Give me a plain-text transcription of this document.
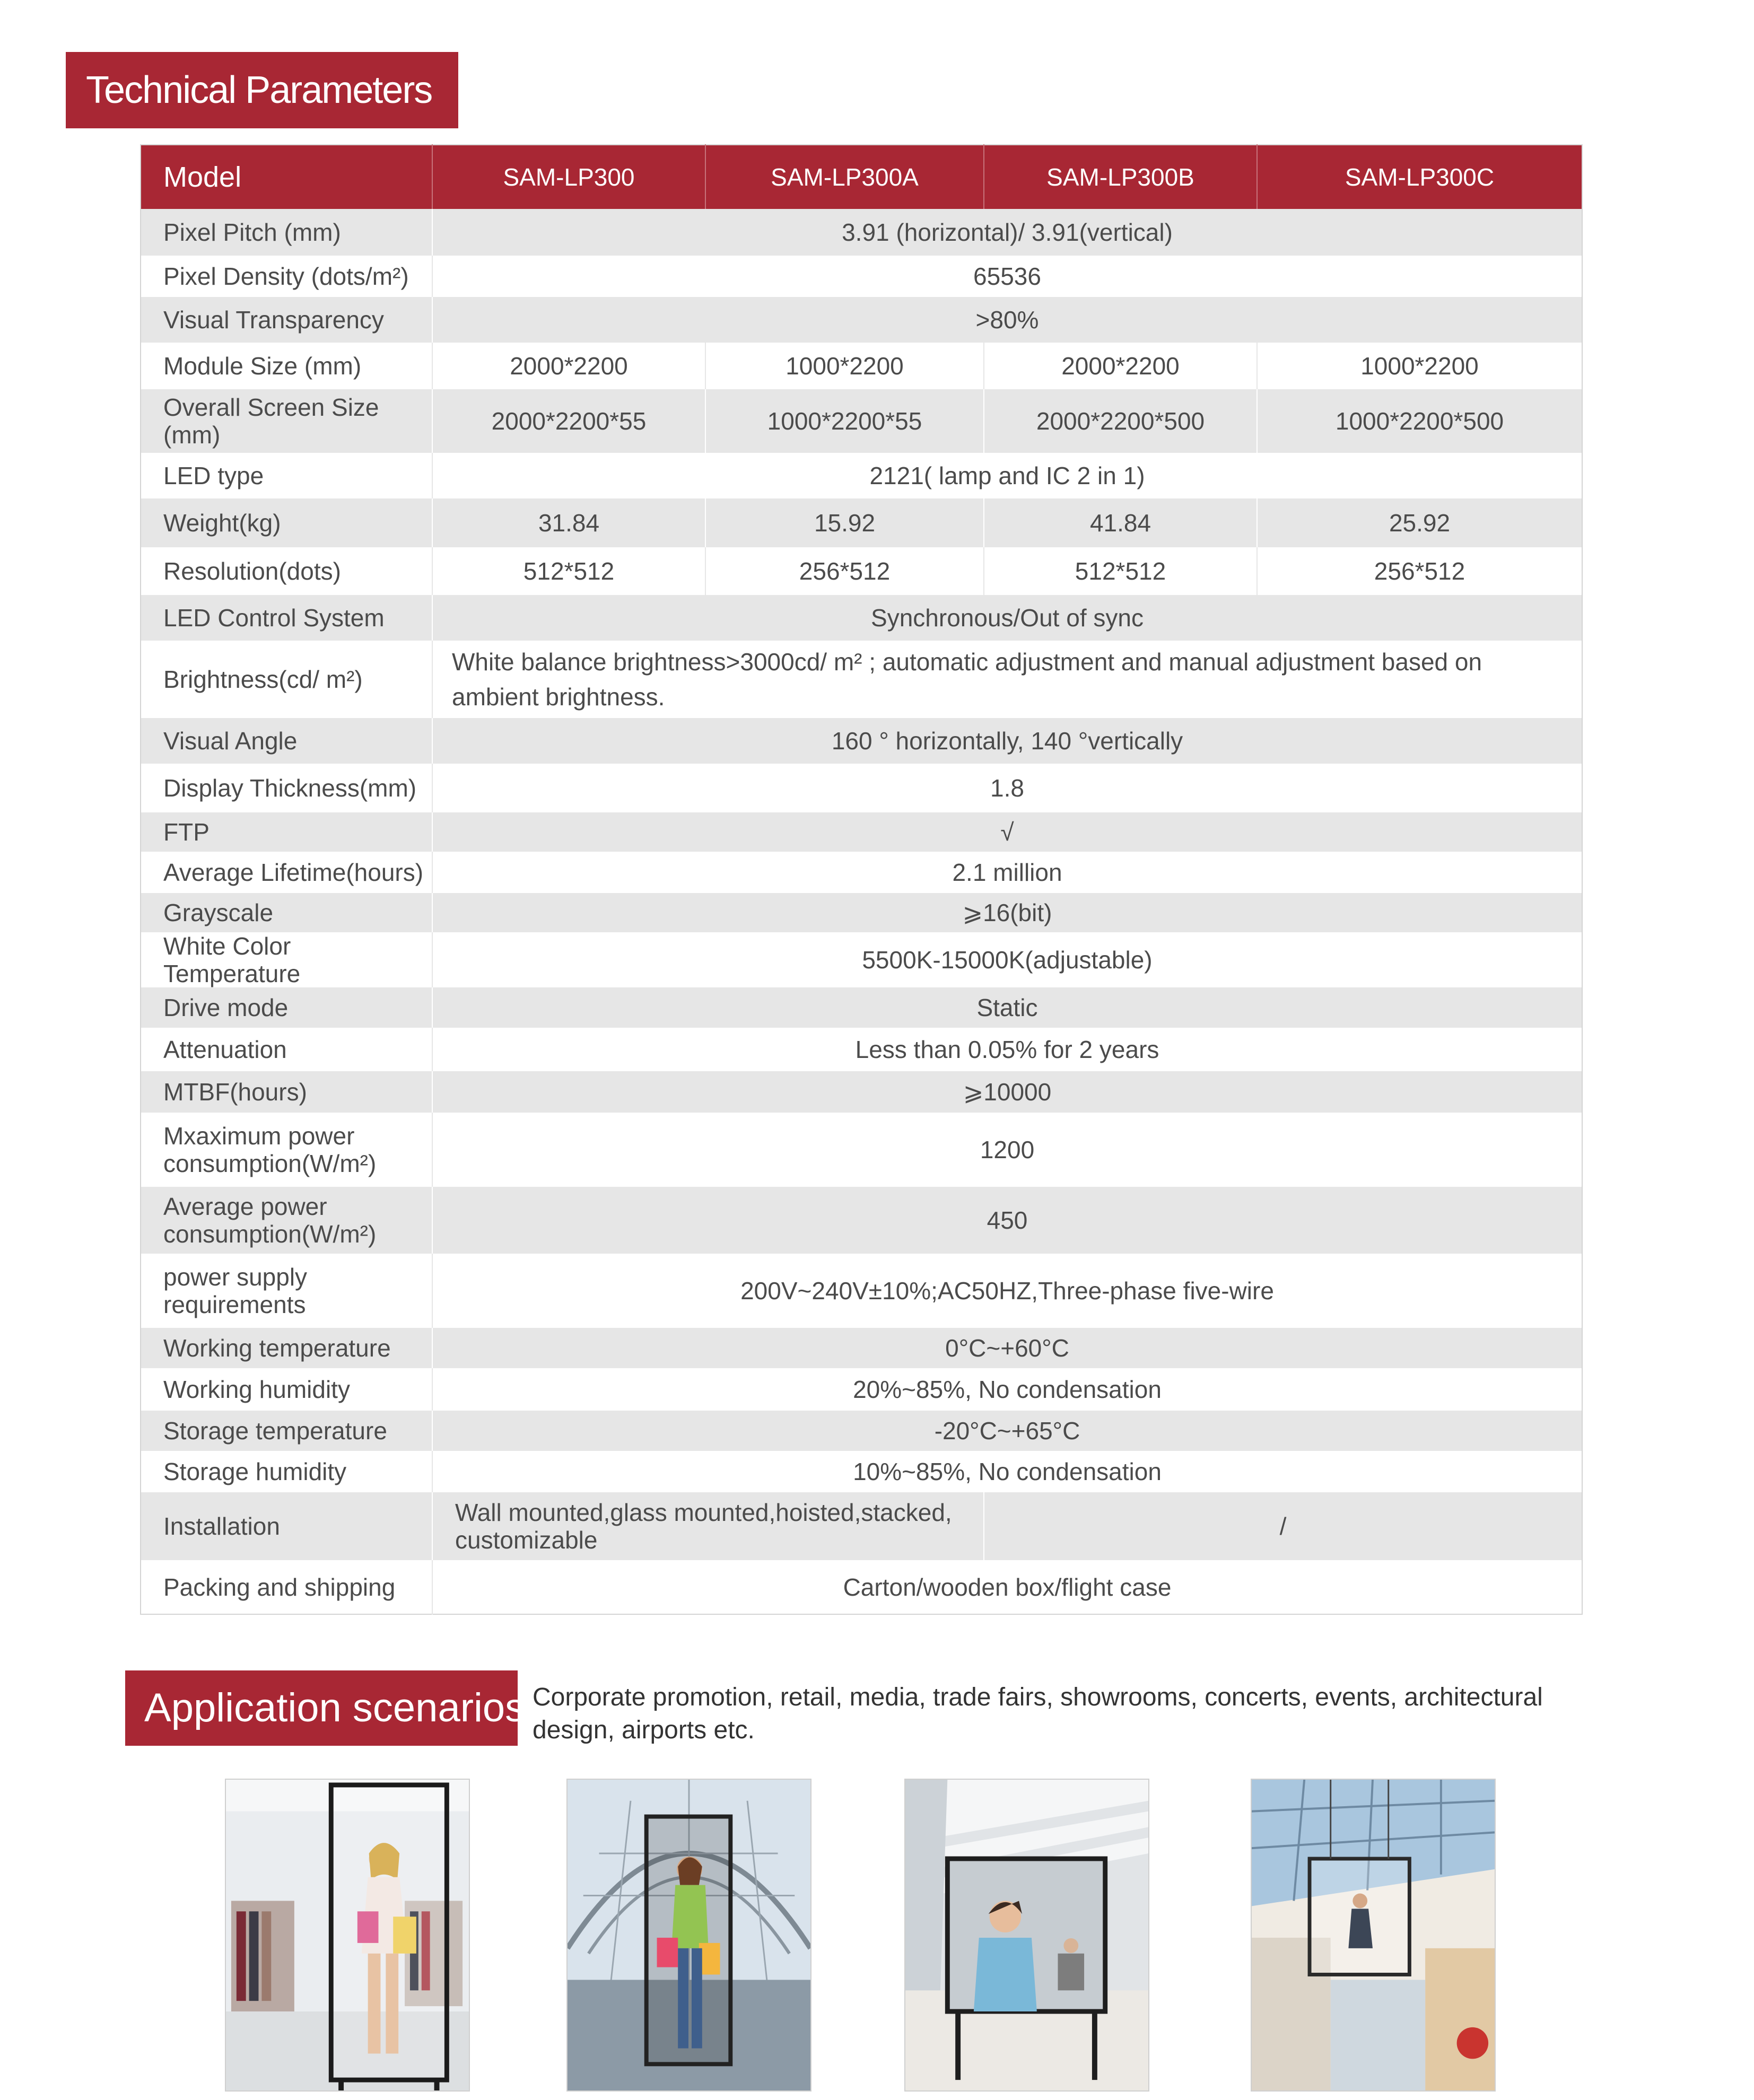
Technical Parameters
Model	SAM-LP300	SAM-LP300A	SAM-LP300B	SAM-LP300C
Pixel Pitch (mm)	3.91 (horizontal)/ 3.91(vertical)			
Pixel Density (dots/m²)	65536			
Visual Transparency	>80%			
Module Size (mm)	2000*2200	1000*2200	2000*2200	1000*2200
Overall Screen Size (mm)	2000*2200*55	1000*2200*55	2000*2200*500	1000*2200*500
LED type	2121( lamp and IC 2 in 1)			
Weight(kg)	31.84	15.92	41.84	25.92
Resolution(dots)	512*512	256*512	512*512	256*512
LED Control System	Synchronous/Out of sync			
Brightness(cd/ m²)	White balance brightness>3000cd/ m² ; automatic adjustment and manual adjustment based on ambient brightness.			
Visual Angle	160 ° horizontally, 140 °vertically			
Display Thickness(mm)	1.8			
FTP	√			
Average Lifetime(hours)	2.1 million			
Grayscale	⩾16(bit)			
White Color Temperature	5500K-15000K(adjustable)			
Drive mode	Static			
Attenuation	Less than 0.05% for 2 years			
MTBF(hours)	⩾10000			
Mxaximum power consumption(W/m²)	1200			
Average power consumption(W/m²)	450			
power supply requirements	200V~240V±10%;AC50HZ,Three-phase five-wire			
Working temperature	0°C~+60°C			
Working humidity	20%~85%, No condensation			
Storage temperature	-20°C~+65°C			
Storage humidity	10%~85%, No condensation			
Installation	Wall mounted,glass mounted,hoisted,stacked, customizable		/	
Packing and shipping	Carton/wooden box/flight case			
Application scenarios Corporate promotion, retail, media, trade fairs, showrooms, concerts, events, architectural design, airports etc.
